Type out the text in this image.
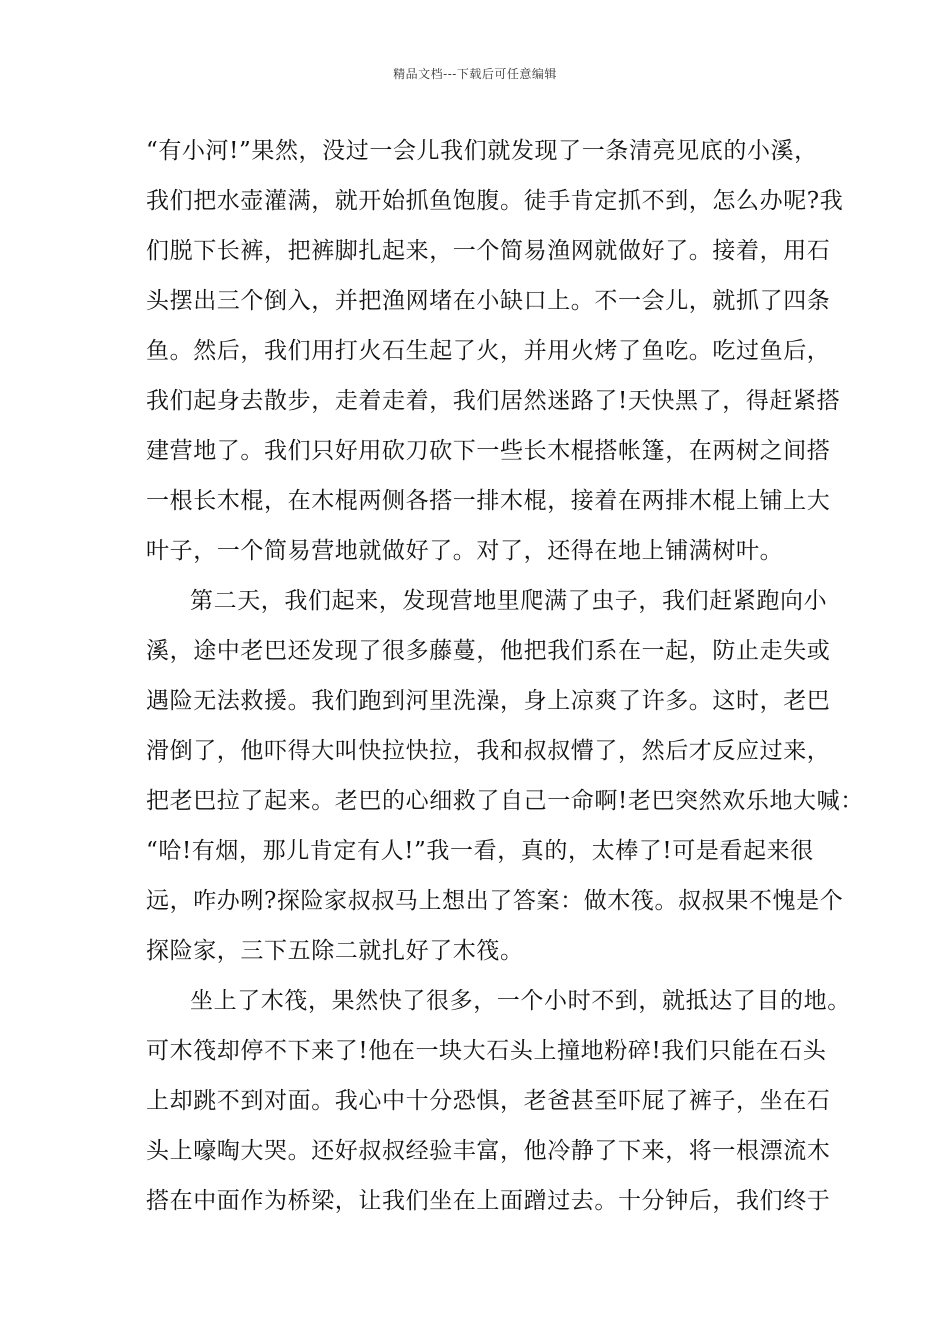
精品文档---下载后可任意编辑
“有小河!”果然，没过一会儿我们就发现了一条清亮见底的小溪，
我们把水壶灌满，就开始抓鱼饱腹。徒手肯定抓不到，怎么办呢?我
们脱下长裤，把裤脚扎起来，一个简易渔网就做好了。接着，用石
头摆出三个倒入，并把渔网堵在小缺口上。不一会儿，就抓了四条
鱼。然后，我们用打火石生起了火，并用火烤了鱼吃。吃过鱼后，
我们起身去散步，走着走着，我们居然迷路了!天快黑了，得赶紧搭
建营地了。我们只好用砍刀砍下一些长木棍搭帐篷，在两树之间搭
一根长木棍，在木棍两侧各搭一排木棍，接着在两排木棍上铺上大
叶子，一个简易营地就做好了。对了，还得在地上铺满树叶。
第二天，我们起来，发现营地里爬满了虫子，我们赶紧跑向小
溪，途中老巴还发现了很多藤蔓，他把我们系在一起，防止走失或
遇险无法救援。我们跑到河里洗澡，身上凉爽了许多。这时，老巴
滑倒了，他吓得大叫快拉快拉，我和叔叔懵了，然后才反应过来，
把老巴拉了起来。老巴的心细救了自己一命啊!老巴突然欢乐地大喊：
“哈!有烟，那儿肯定有人!”我一看，真的，太棒了!可是看起来很
远，咋办咧?探险家叔叔马上想出了答案：做木筏。叔叔果不愧是个
探险家，三下五除二就扎好了木筏。
坐上了木筏，果然快了很多，一个小时不到，就抵达了目的地。
可木筏却停不下来了!他在一块大石头上撞地粉碎!我们只能在石头
上却跳不到对面。我心中十分恐惧，老爸甚至吓屁了裤子，坐在石
头上嚎啕大哭。还好叔叔经验丰富，他冷静了下来，将一根漂流木
搭在中面作为桥梁，让我们坐在上面蹭过去。十分钟后，我们终于
